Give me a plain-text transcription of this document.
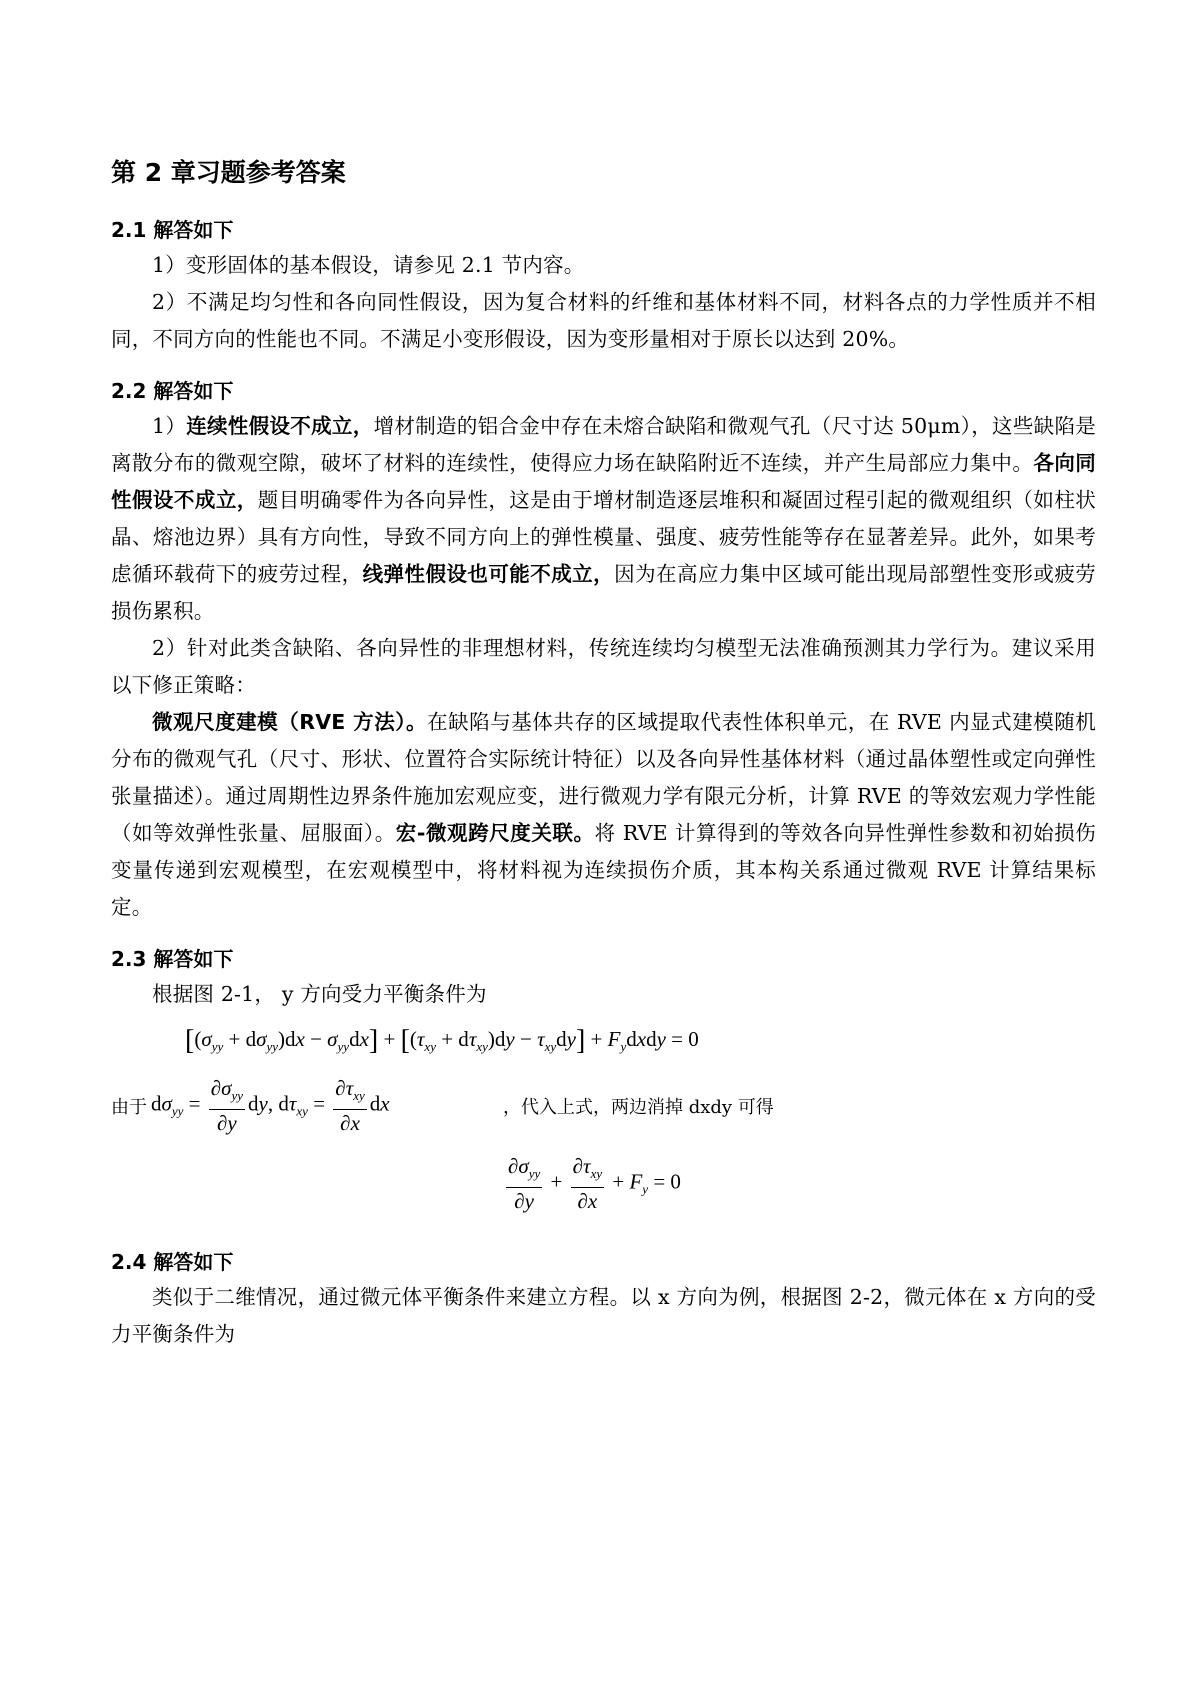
第 2 章习题参考答案
2.1 解答如下

1）变形固体的基本假设，请参见 2.1 节内容。

2）不满足均匀性和各向同性假设，因为复合材料的纤维和基体材料不同，材料各点的力学性质并不相同，不同方向的性能也不同。不满足小变形假设，因为变形量相对于原长以达到 20%。

2.2 解答如下

1）连续性假设不成立，增材制造的铝合金中存在未熔合缺陷和微观气孔（尺寸达 50μm），这些缺陷是离散分布的微观空隙，破坏了材料的连续性，使得应力场在缺陷附近不连续，并产生局部应力集中。各向同性假设不成立，题目明确零件为各向异性，这是由于增材制造逐层堆积和凝固过程引起的微观组织（如柱状晶、熔池边界）具有方向性，导致不同方向上的弹性模量、强度、疲劳性能等存在显著差异。此外，如果考虑循环载荷下的疲劳过程，线弹性假设也可能不成立，因为在高应力集中区域可能出现局部塑性变形或疲劳损伤累积。

2）针对此类含缺陷、各向异性的非理想材料，传统连续均匀模型无法准确预测其力学行为。建议采用以下修正策略：

微观尺度建模（RVE 方法）。在缺陷与基体共存的区域提取代表性体积单元，在 RVE 内显式建模随机分布的微观气孔（尺寸、形状、位置符合实际统计特征）以及各向异性基体材料（通过晶体塑性或定向弹性张量描述）。通过周期性边界条件施加宏观应变，进行微观力学有限元分析，计算 RVE 的等效宏观力学性能（如等效弹性张量、屈服面）。宏-微观跨尺度关联。将 RVE 计算得到的等效各向异性弹性参数和初始损伤变量传递到宏观模型，在宏观模型中，将材料视为连续损伤介质，其本构关系通过微观 RVE 计算结果标定。

2.3 解答如下

根据图 2-1， y 方向受力平衡条件为

$[(\sigma_{yy} + d\sigma_{yy})dx - \sigma_{yy}dx] + [(\tau_{xy} + d\tau_{xy})dy - \tau_{xy}dy]$ + $F_ydxdy = 0$
由于 $d\sigma_{yy} = \frac{\partial\sigma_{yy}}{\partial y}$ dy, $d\tau_{xy} = \frac{\partial\tau_{xy}}{\partial x}$ dx	，代入上式，两边消掉 dxdy 可得
$\frac{\partial\sigma_{yy}}{\partial y} + \frac{\partial\tau_{xy}}{\partial x} + F_y = 0$
2.4 解答如下

类似于二维情况，通过微元体平衡条件来建立方程。以 x 方向为例，根据图 2-2，微元体在 x 方向的受力平衡条件为
